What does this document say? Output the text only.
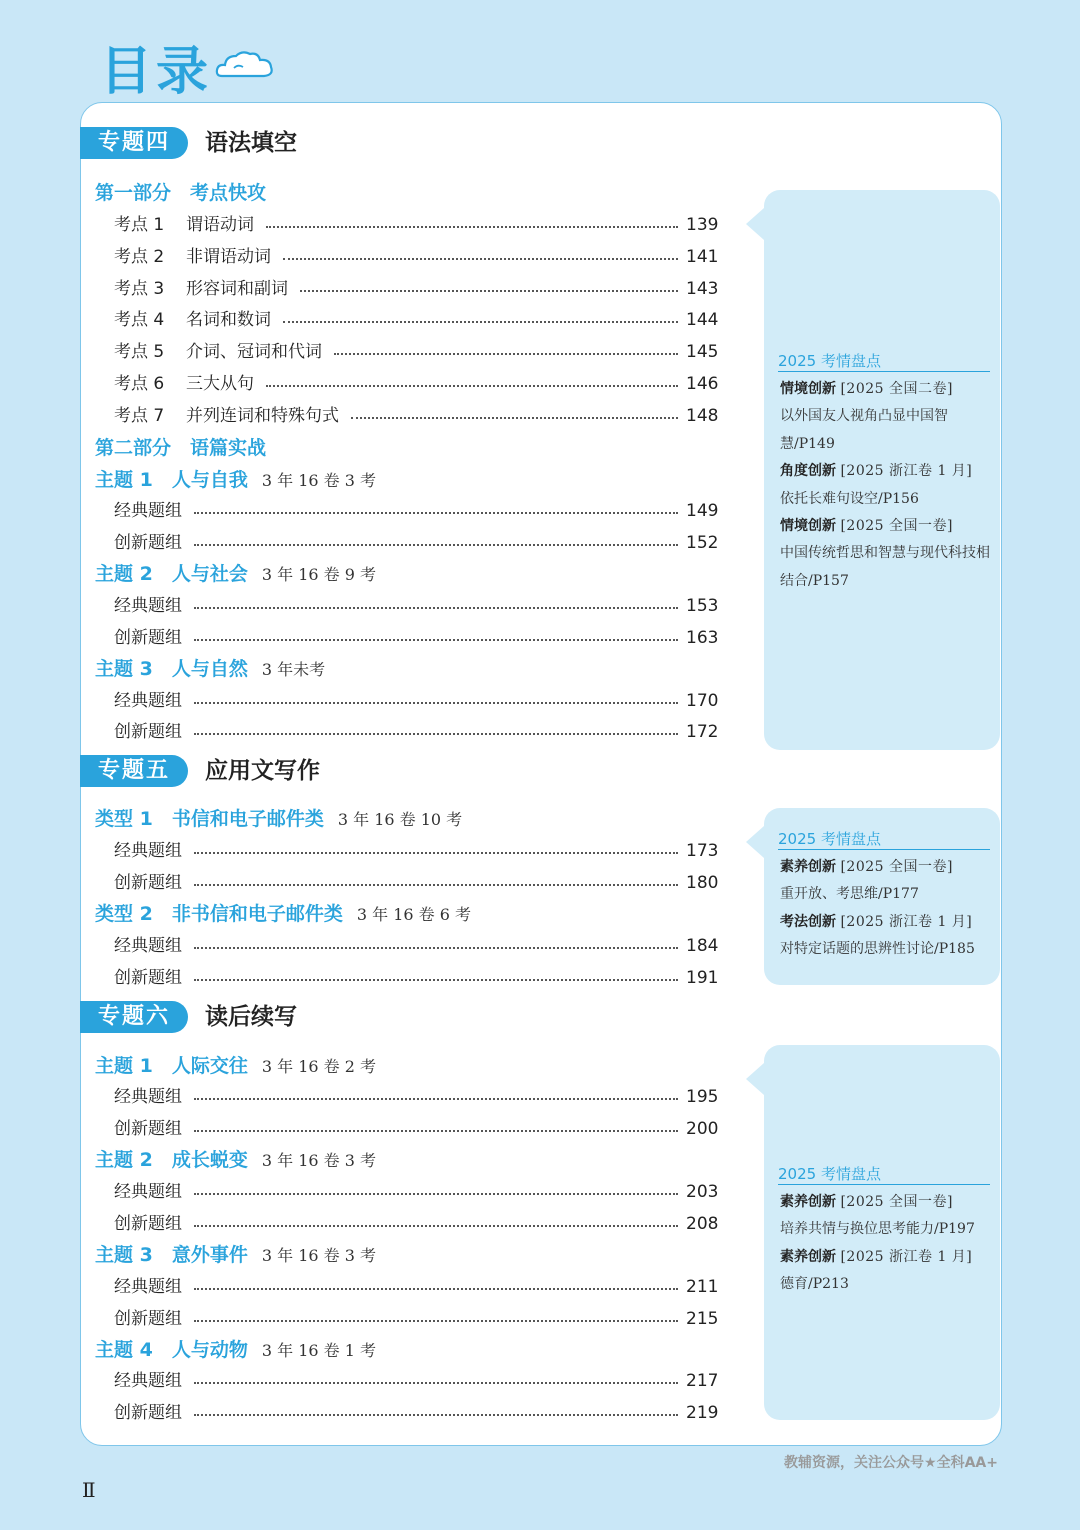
目录
2025 考情盘点
情境创新 [2025 全国二卷]
以外国友人视角凸显中国智慧/P149
角度创新 [2025 浙江卷 1 月]
依托长难句设空/P156
情境创新 [2025 全国一卷]
中国传统哲思和智慧与现代科技相结合/P157
2025 考情盘点
素养创新 [2025 全国一卷]
重开放、考思维/P177
考法创新 [2025 浙江卷 1 月]
对特定话题的思辨性讨论/P185
2025 考情盘点
素养创新 [2025 全国一卷]
培养共情与换位思考能力/P197
素养创新 [2025 浙江卷 1 月]
德育/P213
专题四	语法填空
第一部分　考点快攻
考点 1 谓语动词	139
考点 2 非谓语动词	141
考点 3 形容词和副词	143
考点 4 名词和数词	144
考点 5 介词、冠词和代词	145
考点 6 三大从句	146
考点 7 并列连词和特殊句式	148
第二部分　语篇实战
主题 1　人与自我 3 年 16 卷 3 考
经典题组	149
创新题组	152
主题 2　人与社会 3 年 16 卷 9 考
经典题组	153
创新题组	163
主题 3　人与自然 3 年未考
经典题组	170
创新题组	172
专题五	应用文写作
类型 1　书信和电子邮件类 3 年 16 卷 10 考
经典题组	173
创新题组	180
类型 2　非书信和电子邮件类 3 年 16 卷 6 考
经典题组	184
创新题组	191
专题六	读后续写
主题 1　人际交往 3 年 16 卷 2 考
经典题组	195
创新题组	200
主题 2　成长蜕变 3 年 16 卷 3 考
经典题组	203
创新题组	208
主题 3　意外事件 3 年 16 卷 3 考
经典题组	211
创新题组	215
主题 4　人与动物 3 年 16 卷 1 考
经典题组	217
创新题组	219
教辅资源，关注公众号★全科AA+
Ⅱ
